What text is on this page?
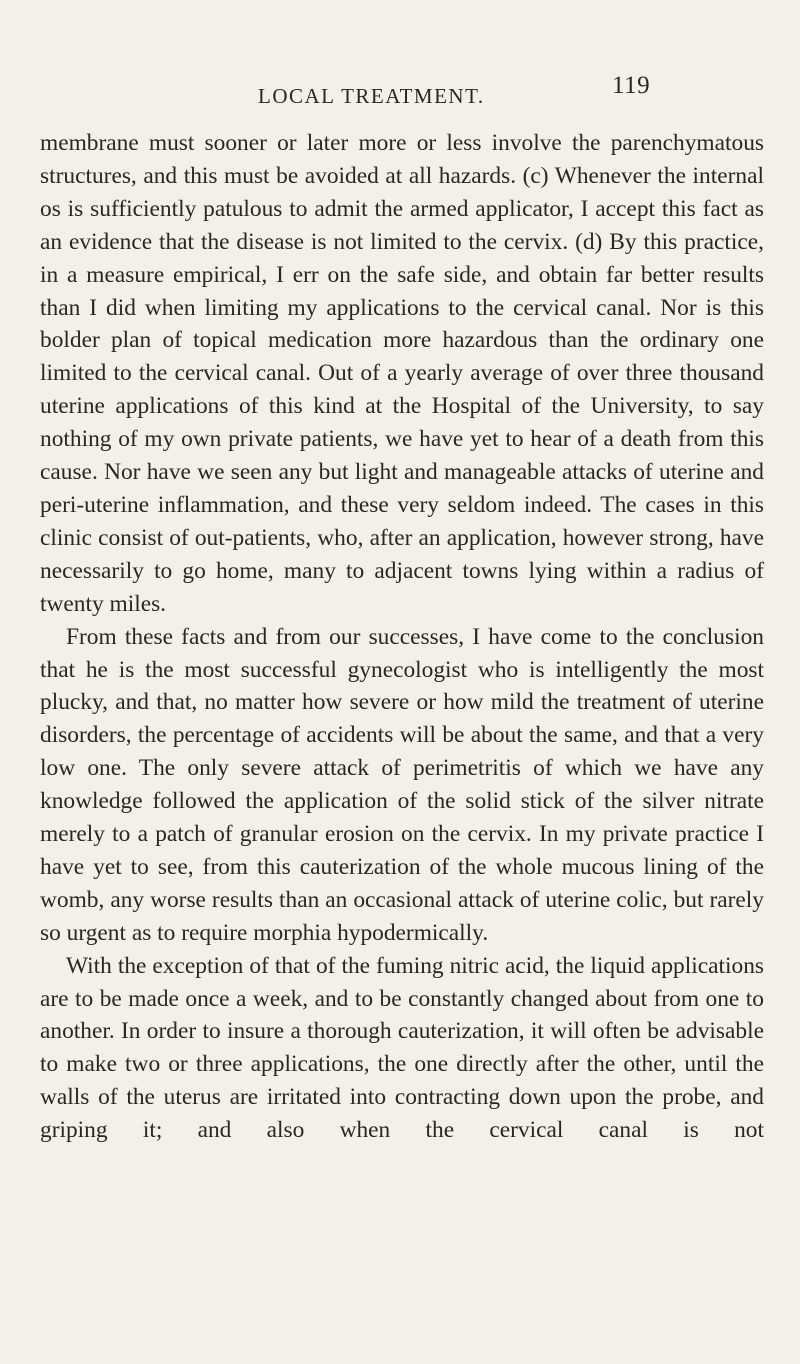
LOCAL TREATMENT.	119

membrane must sooner or later more or less involve the parenchymatous structures, and this must be avoided at all hazards. (c) Whenever the internal os is sufficiently patulous to admit the armed applicator, I accept this fact as an evidence that the disease is not limited to the cervix. (d) By this practice, in a measure empirical, I err on the safe side, and obtain far better results than I did when limiting my applications to the cervical canal. Nor is this bolder plan of topical medication more hazardous than the ordinary one limited to the cervical canal. Out of a yearly average of over three thousand uterine applications of this kind at the Hospital of the University, to say nothing of my own private patients, we have yet to hear of a death from this cause. Nor have we seen any but light and manageable attacks of uterine and peri-uterine inflammation, and these very seldom indeed. The cases in this clinic consist of out-patients, who, after an application, however strong, have necessarily to go home, many to adjacent towns lying within a radius of twenty miles.

From these facts and from our successes, I have come to the conclusion that he is the most successful gynecologist who is intelligently the most plucky, and that, no matter how severe or how mild the treatment of uterine disorders, the percentage of accidents will be about the same, and that a very low one. The only severe attack of perimetritis of which we have any knowledge followed the application of the solid stick of the silver nitrate merely to a patch of granular erosion on the cervix. In my private practice I have yet to see, from this cauterization of the whole mucous lining of the womb, any worse results than an occasional attack of uterine colic, but rarely so urgent as to require morphia hypodermically.

With the exception of that of the fuming nitric acid, the liquid applications are to be made once a week, and to be constantly changed about from one to another. In order to insure a thorough cauterization, it will often be advisable to make two or three applications, the one directly after the other, until the walls of the uterus are irritated into contracting down upon the probe, and griping it; and also when the cervical canal is not
